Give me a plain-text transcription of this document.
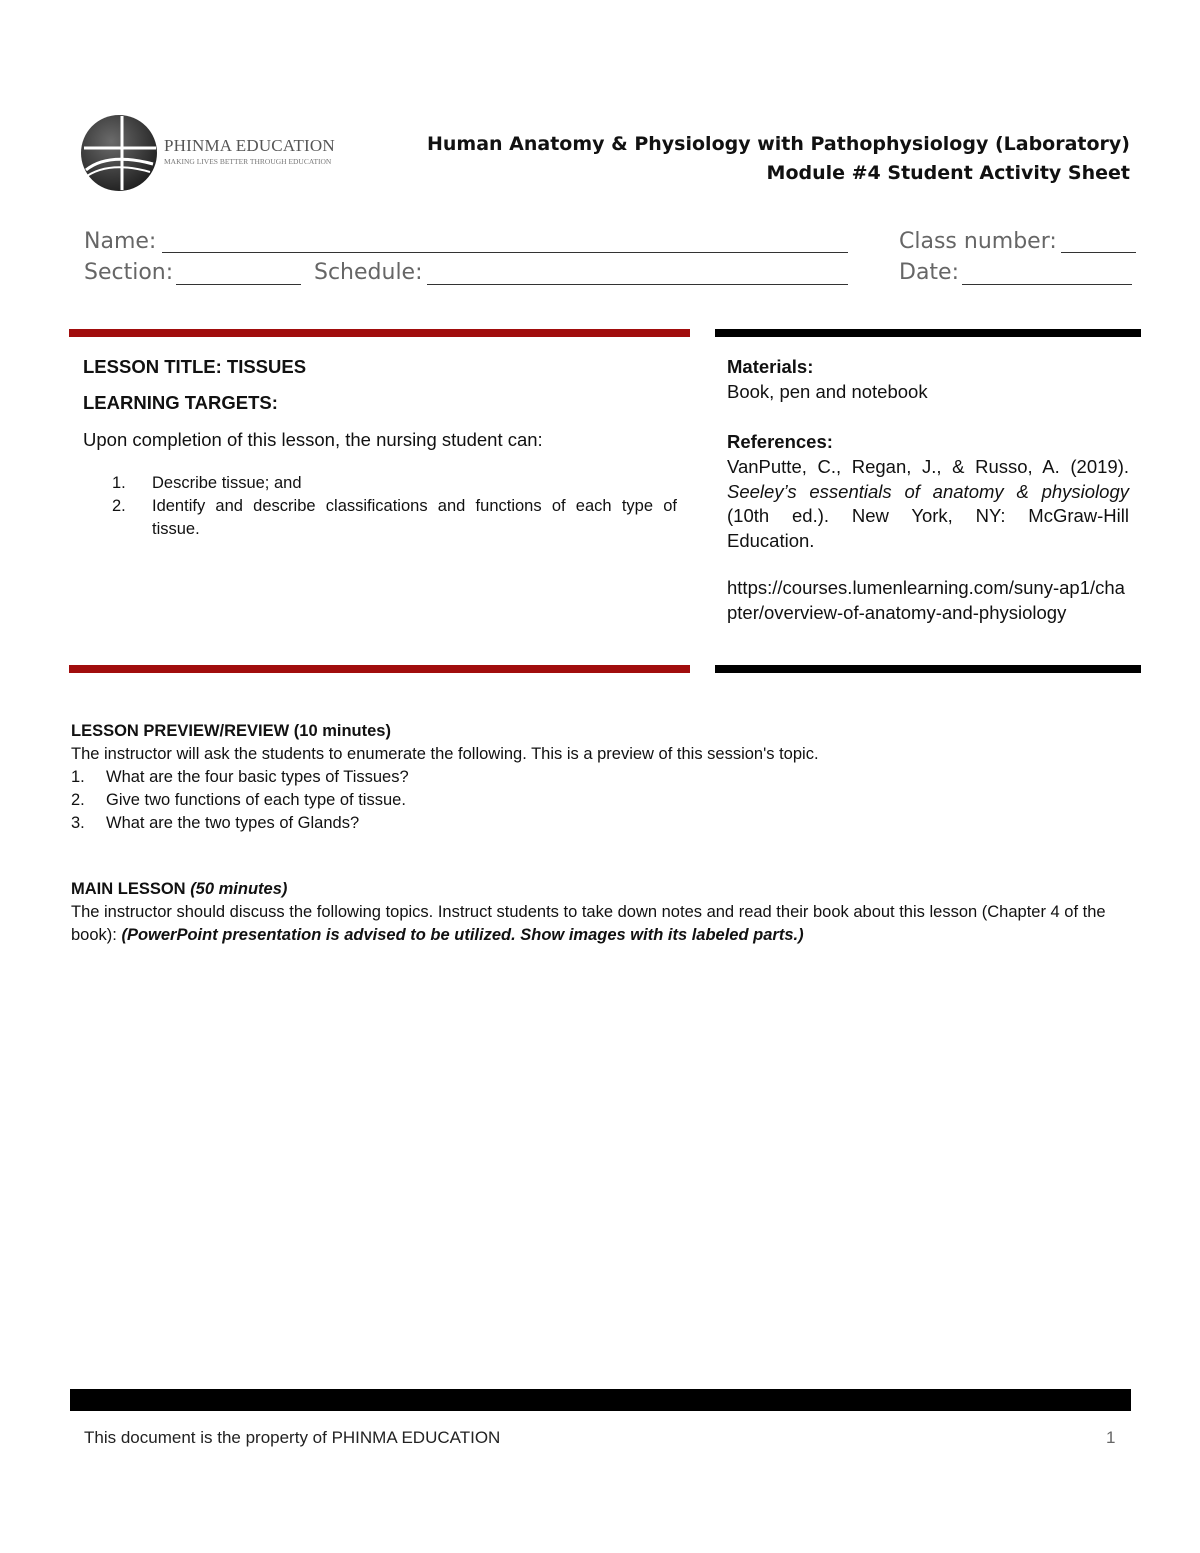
PHINMA EDUCATION
MAKING LIVES BETTER THROUGH EDUCATION
Human Anatomy & Physiology with Pathophysiology (Laboratory)
Module #4 Student Activity Sheet
Name:	Class number:
Section:	Schedule:	Date:
LESSON TITLE: TISSUES
LEARNING TARGETS:
Upon completion of this lesson, the nursing student can:
1.	Describe tissue; and
2.	Identify and describe classifications and functions of each type of tissue.
Materials:
Book, pen and notebook
References:
VanPutte, C., Regan, J., & Russo, A. (2019). Seeley’s essentials of anatomy & physiology (10th ed.). New York, NY: McGraw-Hill Education.
https://courses.lumenlearning.com/suny-ap1/chapter/overview-of-anatomy-and-physiology
LESSON PREVIEW/REVIEW (10 minutes)
The instructor will ask the students to enumerate the following. This is a preview of this session's topic.
1.	What are the four basic types of Tissues?
2.	Give two functions of each type of tissue.
3.	What are the two types of Glands?
MAIN LESSON (50 minutes)
The instructor should discuss the following topics. Instruct students to take down notes and read their book about this lesson (Chapter 4 of the book): (PowerPoint presentation is advised to be utilized. Show images with its labeled parts.)
This document is the property of PHINMA EDUCATION	1
